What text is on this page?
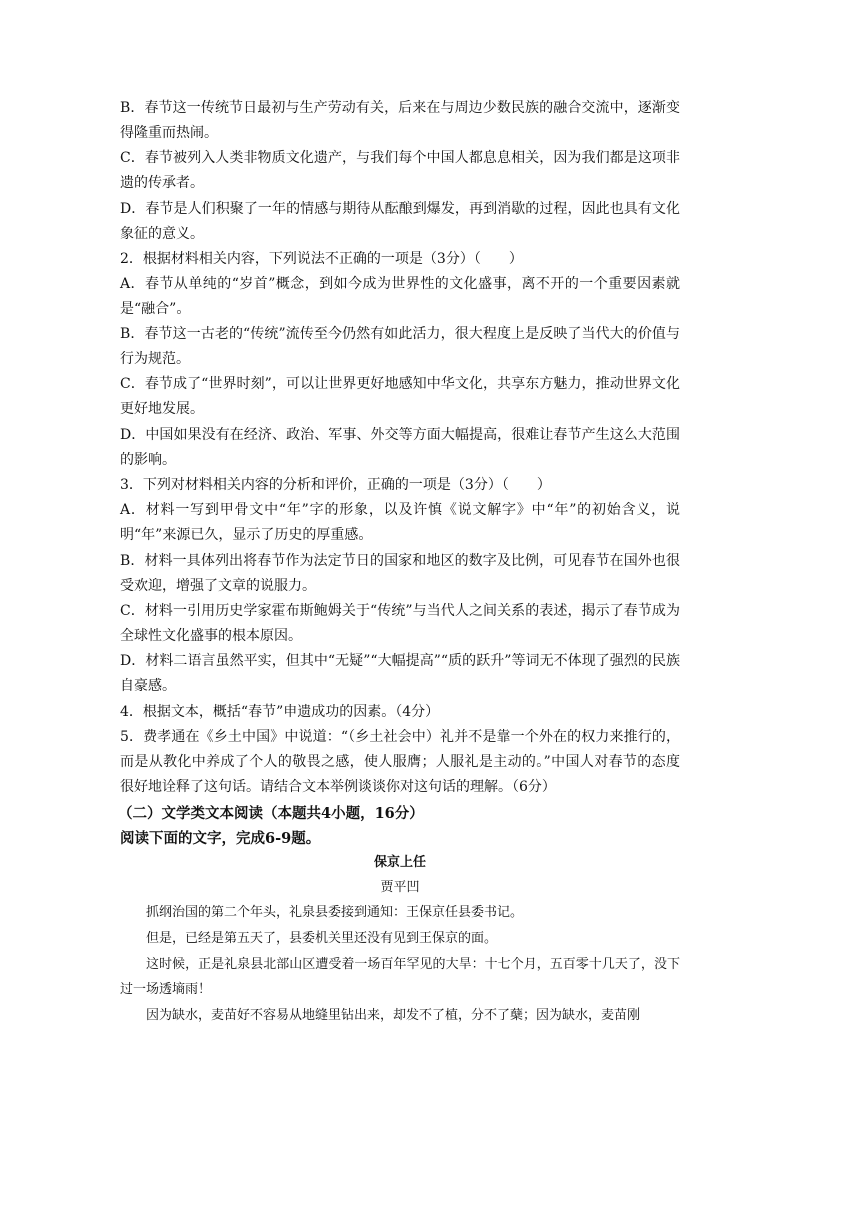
B．春节这一传统节日最初与生产劳动有关，后来在与周边少数民族的融合交流中，逐渐变得隆重而热闹。

C．春节被列入人类非物质文化遗产，与我们每个中国人都息息相关，因为我们都是这项非遗的传承者。

D．春节是人们积聚了一年的情感与期待从酝酿到爆发，再到消歇的过程，因此也具有文化象征的意义。

2．根据材料相关内容，下列说法不正确的一项是（3分）（　　）

A．春节从单纯的“岁首”概念，到如今成为世界性的文化盛事，离不开的一个重要因素就是“融合”。

B．春节这一古老的“传统”流传至今仍然有如此活力，很大程度上是反映了当代大的价值与行为规范。

C．春节成了“世界时刻”，可以让世界更好地感知中华文化，共享东方魅力，推动世界文化更好地发展。

D．中国如果没有在经济、政治、军事、外交等方面大幅提高，很难让春节产生这么大范围的影响。

3．下列对材料相关内容的分析和评价，正确的一项是（3分）（　　）

A．材料一写到甲骨文中“年”字的形象，以及许慎《说文解字》中“年”的初始含义，说明“年”来源已久，显示了历史的厚重感。

B．材料一具体列出将春节作为法定节日的国家和地区的数字及比例，可见春节在国外也很受欢迎，增强了文章的说服力。

C．材料一引用历史学家霍布斯鲍姆关于“传统”与当代人之间关系的表述，揭示了春节成为全球性文化盛事的根本原因。

D．材料二语言虽然平实，但其中“无疑”“大幅提高”“质的跃升”等词无不体现了强烈的民族自豪感。

4．根据文本，概括“春节”申遗成功的因素。（4分）

5．费孝通在《乡土中国》中说道：“（乡土社会中）礼并不是靠一个外在的权力来推行的，而是从教化中养成了个人的敬畏之感，使人服膺；人服礼是主动的。”中国人对春节的态度很好地诠释了这句话。请结合文本举例谈谈你对这句话的理解。（6分）

（二）文学类文本阅读（本题共4小题，16分）

阅读下面的文字，完成6-9题。

保京上任

贾平凹

抓纲治国的第二个年头，礼泉县委接到通知：王保京任县委书记。

但是，已经是第五天了，县委机关里还没有见到王保京的面。

这时候，正是礼泉县北部山区遭受着一场百年罕见的大旱：十七个月，五百零十几天了，没下过一场透墒雨！

因为缺水，麦苗好不容易从地缝里钻出来，却发不了植，分不了蘖；因为缺水，麦苗刚
